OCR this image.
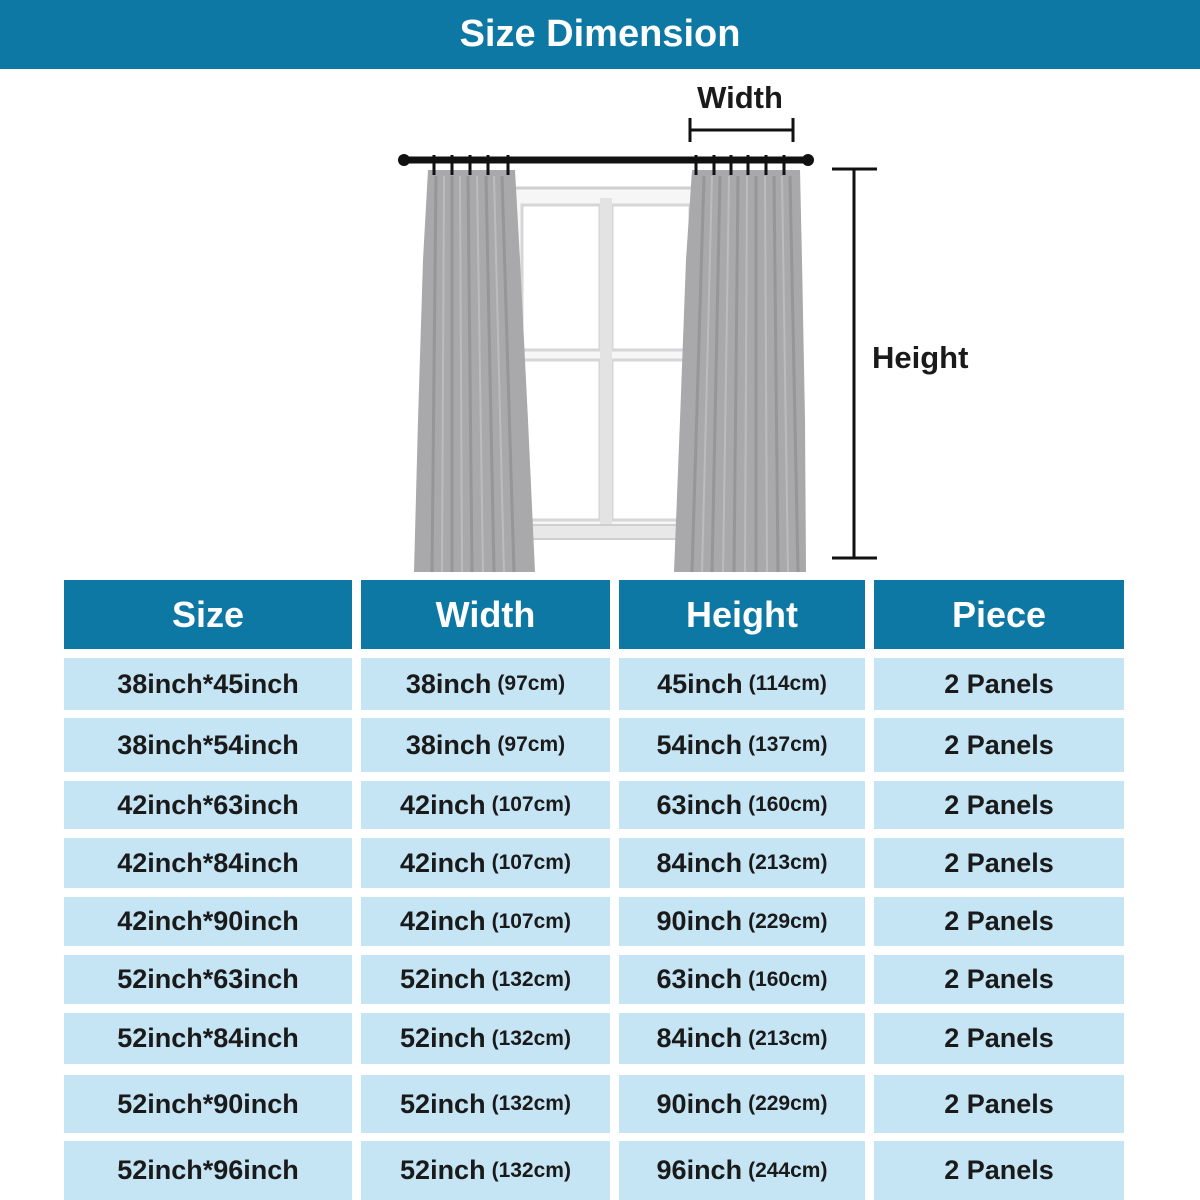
Size Dimension
Width
Height
Size	Width	Height	Piece
38inch*45inch	38inch (97cm)	45inch (114cm)	2 Panels
38inch*54inch	38inch (97cm)	54inch (137cm)	2 Panels
42inch*63inch	42inch (107cm)	63inch (160cm)	2 Panels
42inch*84inch	42inch (107cm)	84inch (213cm)	2 Panels
42inch*90inch	42inch (107cm)	90inch (229cm)	2 Panels
52inch*63inch	52inch (132cm)	63inch (160cm)	2 Panels
52inch*84inch	52inch (132cm)	84inch (213cm)	2 Panels
52inch*90inch	52inch (132cm)	90inch (229cm)	2 Panels
52inch*96inch	52inch (132cm)	96inch (244cm)	2 Panels
